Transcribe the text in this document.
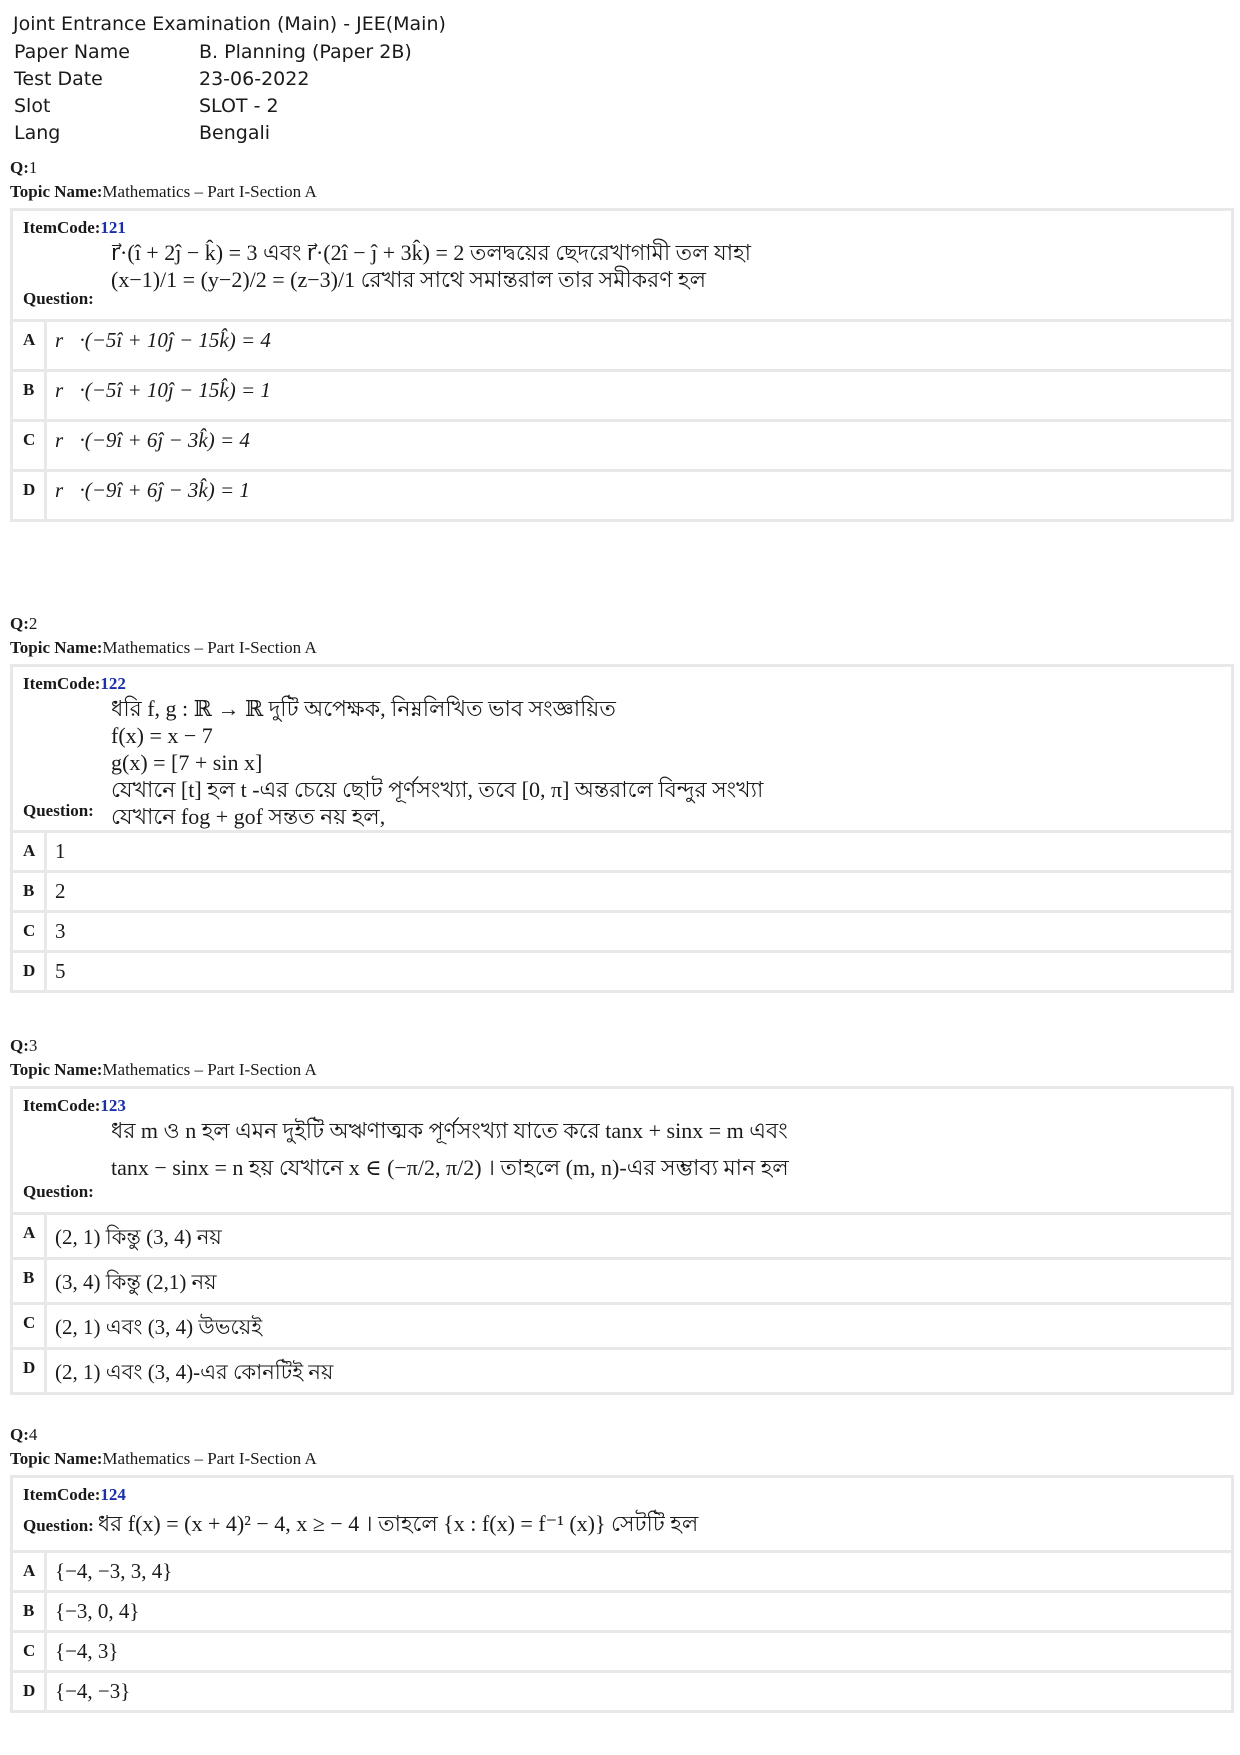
Joint Entrance Examination (Main) - JEE(Main)
Paper Name	B. Planning (Paper 2B)
Test Date	23-06-2022
Slot	SLOT - 2
Lang	Bengali
Q:1
Topic Name:Mathematics – Part I-Section A
ItemCode:121
r⃗·(î + 2ĵ − k̂) = 3 এবং r⃗·(2î − ĵ + 3k̂) = 2 তলদ্বয়ের ছেদরেখাগামী তল যাহা
(x−1)/1 = (y−2)/2 = (z−3)/1 রেখার সাথে সমান্তরাল তার সমীকরণ হল
Question:
A r⃗·(−5î + 10ĵ − 15k̂) = 4
B r⃗·(−5î + 10ĵ − 15k̂) = 1
C r⃗·(−9î + 6ĵ − 3k̂) = 4
D r⃗·(−9î + 6ĵ − 3k̂) = 1
Q:2
Topic Name:Mathematics – Part I-Section A
ItemCode:122
ধরি f, g : ℝ → ℝ দুটি অপেক্ষক, নিম্নলিখিত ভাব সংজ্ঞায়িত
f(x) = x − 7
g(x) = [7 + sin x]
যেখানে [t] হল t -এর চেয়ে ছোট পূর্ণসংখ্যা, তবে [0, π] অন্তরালে বিন্দুর সংখ্যা
যেখানে fog + gof সন্তত নয় হল,
Question:
A 1
B 2
C 3
D 5
Q:3
Topic Name:Mathematics – Part I-Section A
ItemCode:123
ধর m ও n হল এমন দুইটি অঋণাত্মক পূর্ণসংখ্যা যাতে করে tanx + sinx = m এবং
tanx − sinx = n হয় যেখানে x ∈ (−π/2, π/2) । তাহলে (m, n)-এর সম্ভাব্য মান হল
Question:
A (2, 1) কিন্তু (3, 4) নয়
B (3, 4) কিন্তু (2,1) নয়
C (2, 1) এবং (3, 4) উভয়েই
D (2, 1) এবং (3, 4)-এর কোনটিই নয়
Q:4
Topic Name:Mathematics – Part I-Section A
ItemCode:124
Question: ধর f(x) = (x + 4)² − 4, x ≥ − 4 । তাহলে {x : f(x) = f⁻¹ (x)} সেটটি হল
A {−4, −3, 3, 4}
B {−3, 0, 4}
C {−4, 3}
D {−4, −3}
